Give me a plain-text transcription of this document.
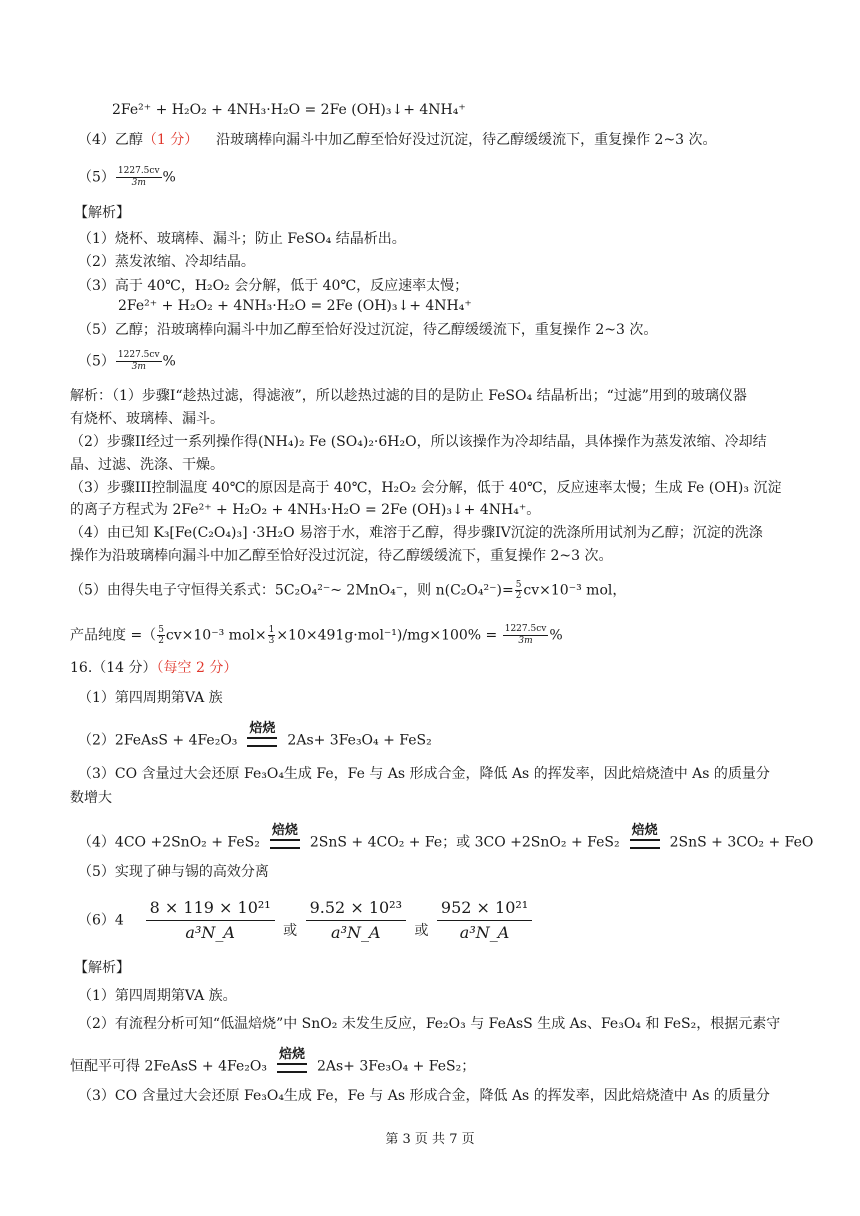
2Fe²⁺ + H₂O₂ + 4NH₃·H₂O = 2Fe (OH)₃↓+ 4NH₄⁺
（4）乙醇（1 分） 沿玻璃棒向漏斗中加乙醇至恰好没过沉淀，待乙醇缓缓流下，重复操作 2~3 次。
$(5) \frac{1227.5cv}{3m}$ %
【解析】
（1）烧杯、玻璃棒、漏斗；防止 FeSO₄ 结晶析出。
（2）蒸发浓缩、冷却结晶。
（3）高于 40℃，H₂O₂ 会分解，低于 40℃，反应速率太慢；
2Fe²⁺ + H₂O₂ + 4NH₃·H₂O = 2Fe (OH)₃↓+ 4NH₄⁺
（5）乙醇；沿玻璃棒向漏斗中加乙醇至恰好没过沉淀，待乙醇缓缓流下，重复操作 2~3 次。
$(5) \frac{1227.5cv}{3m}$ %
解析：（1）步骤I“趁热过滤，得滤液”，所以趁热过滤的目的是防止 FeSO₄ 结晶析出；“过滤”用到的玻璃仪器
有烧杯、玻璃棒、漏斗。
（2）步骤II经过一系列操作得(NH₄)₂ Fe (SO₄)₂·6H₂O，所以该操作为冷却结晶，具体操作为蒸发浓缩、冷却结
晶、过滤、洗涤、干燥。
（3）步骤III控制温度 40℃的原因是高于 40℃，H₂O₂ 会分解，低于 40℃，反应速率太慢；生成 Fe (OH)₃ 沉淀
的离子方程式为 2Fe²⁺ + H₂O₂ + 4NH₃·H₂O = 2Fe (OH)₃↓+ 4NH₄⁺。
（4）由已知 K₃[Fe(C₂O₄)₃] ·3H₂O 易溶于水，难溶于乙醇，得步骤IV沉淀的洗涤所用试剂为乙醇；沉淀的洗涤
操作为沿玻璃棒向漏斗中加乙醇至恰好没过沉淀，待乙醇缓缓流下，重复操作 2~3 次。
（5）由得失电子守恒得关系式：5C₂O₄²⁻~ 2MnO₄⁻，则 $n(C_2O_4^{2-})= \frac{5}{2} cv\times 10^{-3}$ mol，
产品纯度 =（ $\frac{5}{2} cv\times 10^{-3}$ $mol\times \frac{1}{3} \times 10\times 491g\cdot mol^{-1})/mg\times 100\% = \frac{1227.5cv}{3m}$ %
16.（14 分）（每空 2 分）
（1）第四周期第VA 族
（2）2FeAsS + 4Fe₂O₃
焙烧
2As+ 3Fe₃O₄ + FeS₂
（3）CO 含量过大会还原 Fe₃O₄生成 Fe，Fe 与 As 形成合金，降低 As 的挥发率，因此焙烧渣中 As 的质量分
数增大
（4）4CO +2SnO₂ + FeS₂
焙烧
2SnS + 4CO₂ + Fe；或 3CO +2SnO₂ + FeS₂
焙烧
2SnS + 3CO₂ + FeO
（5）实现了砷与锡的高效分离
$(6)4 \frac{\text{8 × 119 × 10²¹}}{\text{a³N\_A}}$ 或 $\frac{\text{9.52 × 10²³}}{\text{a³N\_A}}$ 或 $\frac{\text{952 × 10²¹}}{\text{a³N\_A}}$
【解析】
（1）第四周期第VA 族。
（2）有流程分析可知“低温焙烧”中 SnO₂ 未发生反应，Fe₂O₃ 与 FeAsS 生成 As、Fe₃O₄ 和 FeS₂，根据元素守
恒配平可得 2FeAsS + 4Fe₂O₃
焙烧
2As+ 3Fe₃O₄ + FeS₂；
（3）CO 含量过大会还原 Fe₃O₄生成 Fe，Fe 与 As 形成合金，降低 As 的挥发率，因此焙烧渣中 As 的质量分
第 3 页 共 7 页
